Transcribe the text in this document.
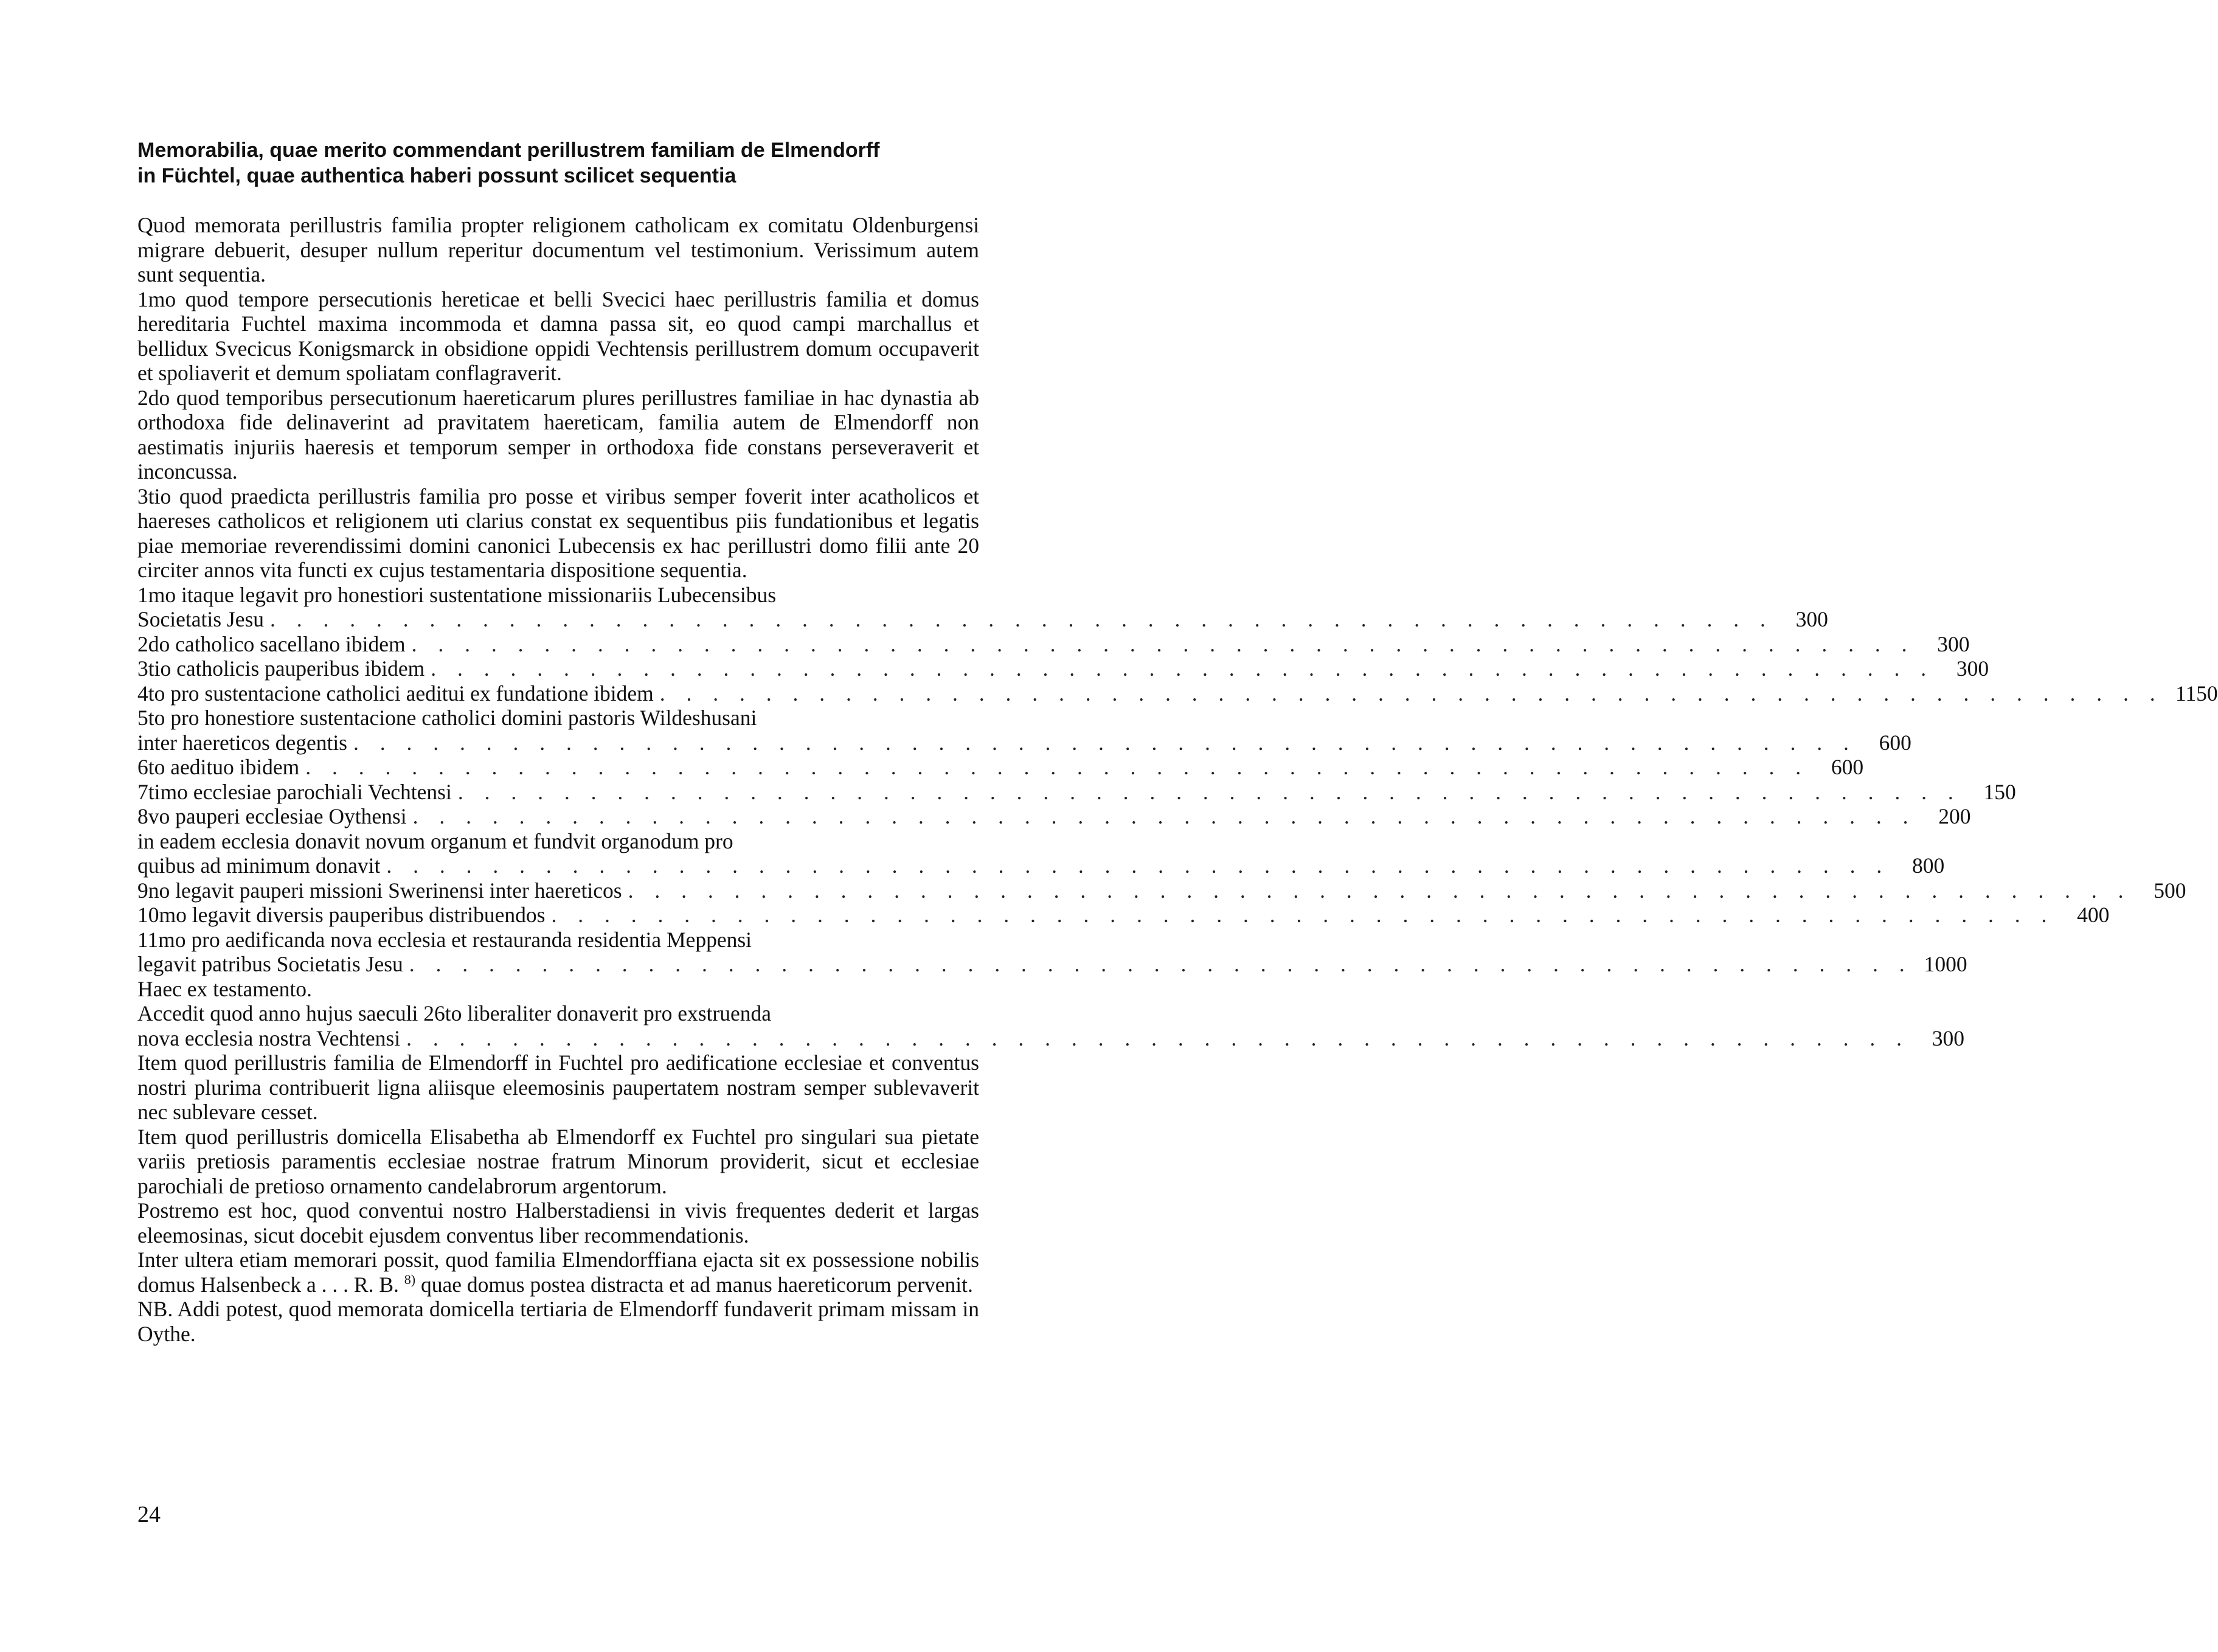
Memorabilia, quae merito commendant perillustrem familiam de Elmendorff
in Füchtel, quae authentica haberi possunt scilicet sequentia

Quod memorata perillustris familia propter religionem catholicam ex comitatu Oldenburgensi migrare debuerit, desuper nullum reperitur documentum vel testimonium. Verissimum autem sunt sequentia.

1mo quod tempore persecutionis hereticae et belli Svecici haec perillustris familia et domus hereditaria Fuchtel maxima incommoda et damna passa sit, eo quod campi marchallus et bellidux Svecicus Konigsmarck in obsidione oppidi Vechtensis perillustrem domum occupaverit et spoliaverit et demum spoliatam conflagraverit.

2do quod temporibus persecutionum haereticarum plures perillustres familiae in hac dynastia ab orthodoxa fide delinaverint ad pravitatem haereticam, familia autem de Elmendorff non aestimatis injuriis haeresis et temporum semper in orthodoxa fide constans perseveraverit et inconcussa.

3tio quod praedicta perillustris familia pro posse et viribus semper foverit inter acatholicos et haereses catholicos et religionem uti clarius constat ex sequentibus piis fundationibus et legatis piae memoriae reverendissimi domini canonici Lubecensis ex hac perillustri domo filii ante 20 circiter annos vita functi ex cujus testamentaria dispositione sequentia.

1mo itaque legavit pro honestiori sustentatione missionariis Lubecensibus
Societatis Jesu . . . . . . . . . . . . . . . . . . . . . . . . . . . . . . . . . . . . . . . . . . . . . . . . . . . . . . . . .	300
2do catholico sacellano ibidem . . . . . . . . . . . . . . . . . . . . . . . . . . . . . . . . . . . . . . . . . . . . . . . . . . . . . . . . .	300
3tio catholicis pauperibus ibidem . . . . . . . . . . . . . . . . . . . . . . . . . . . . . . . . . . . . . . . . . . . . . . . . . . . . . . . . .	300
4to pro sustentacione catholici aeditui ex fundatione ibidem . . . . . . . . . . . . . . . . . . . . . . . . . . . . . . . . . . . . . . . . . . . . . . . . . . . . . . . . . 1150
5to pro honestiore sustentacione catholici domini pastoris Wildeshusani
inter haereticos degentis . . . . . . . . . . . . . . . . . . . . . . . . . . . . . . . . . . . . . . . . . . . . . . . . . . . . . . . . .	600
6to aedituo ibidem . . . . . . . . . . . . . . . . . . . . . . . . . . . . . . . . . . . . . . . . . . . . . . . . . . . . . . . . .	600
7timo ecclesiae parochiali Vechtensi . . . . . . . . . . . . . . . . . . . . . . . . . . . . . . . . . . . . . . . . . . . . . . . . . . . . . . . . .	150
8vo pauperi ecclesiae Oythensi . . . . . . . . . . . . . . . . . . . . . . . . . . . . . . . . . . . . . . . . . . . . . . . . . . . . . . . . .	200
in eadem ecclesia donavit novum organum et fundvit organodum pro
quibus ad minimum donavit . . . . . . . . . . . . . . . . . . . . . . . . . . . . . . . . . . . . . . . . . . . . . . . . . . . . . . . . .	800
9no legavit pauperi missioni Swerinensi inter haereticos . . . . . . . . . . . . . . . . . . . . . . . . . . . . . . . . . . . . . . . . . . . . . . . . . . . . . . . . .	500
10mo legavit diversis pauperibus distribuendos . . . . . . . . . . . . . . . . . . . . . . . . . . . . . . . . . . . . . . . . . . . . . . . . . . . . . . . . .	400
11mo pro aedificanda nova ecclesia et restauranda residentia Meppensi
legavit patribus Societatis Jesu . . . . . . . . . . . . . . . . . . . . . . . . . . . . . . . . . . . . . . . . . . . . . . . . . . . . . . . . . 1000
Haec ex testamento.
Accedit quod anno hujus saeculi 26to liberaliter donaverit pro exstruenda
nova ecclesia nostra Vechtensi . . . . . . . . . . . . . . . . . . . . . . . . . . . . . . . . . . . . . . . . . . . . . . . . . . . . . . . . .	300

Item quod perillustris familia de Elmendorff in Fuchtel pro aedificatione ecclesiae et conventus nostri plurima contribuerit ligna aliisque eleemosinis paupertatem nostram semper sublevaverit nec sublevare cesset.

Item quod perillustris domicella Elisabetha ab Elmendorff ex Fuchtel pro singulari sua pietate variis pretiosis paramentis ecclesiae nostrae fratrum Minorum providerit, sicut et ecclesiae parochiali de pretioso ornamento candelabrorum argentorum.

Postremo est hoc, quod conventui nostro Halberstadiensi in vivis frequentes dederit et largas eleemosinas, sicut docebit ejusdem conventus liber recommendationis.

Inter ultera etiam memorari possit, quod familia Elmendorffiana ejacta sit ex possessione nobilis domus Halsenbeck a . . . R. B. $^{8)}$ quae domus postea distracta et ad manus haereticorum pervenit.

NB. Addi potest, quod memorata domicella tertiaria de Elmendorff fundaverit primam missam in Oythe.

24
